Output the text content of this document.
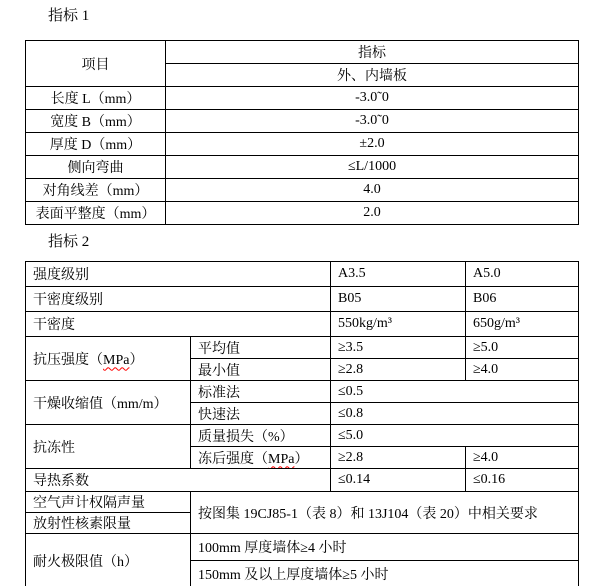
指标 1
项目	指标
	外、内墙板
长度 L（mm）	-3.0˜0
宽度 B（mm）	-3.0˜0
厚度 D（mm）	±2.0
侧向弯曲	≤L/1000
对角线差（mm）	4.0
表面平整度（mm）	2.0
指标 2
强度级别		A3.5	A5.0
干密度级别		B05	B06
干密度		550kg/m³	650g/m³
抗压强度（MPa）	平均值	≥3.5	≥5.0
	最小值	≥2.8	≥4.0
干燥收缩值（mm/m）	标准法	≤0.5	
	快速法	≤0.8	
抗冻性	质量损失（%）	≤5.0	
	冻后强度（MPa）	≥2.8	≥4.0
导热系数		≤0.14	≤0.16
空气声计权隔声量	按图集 19CJ85-1（表 8）和 13J104（表 20）中相关要求		
放射性核素限量			
耐火极限值（h）	100mm 厚度墙体≥4 小时		
	150mm 及以上厚度墙体≥5 小时		
